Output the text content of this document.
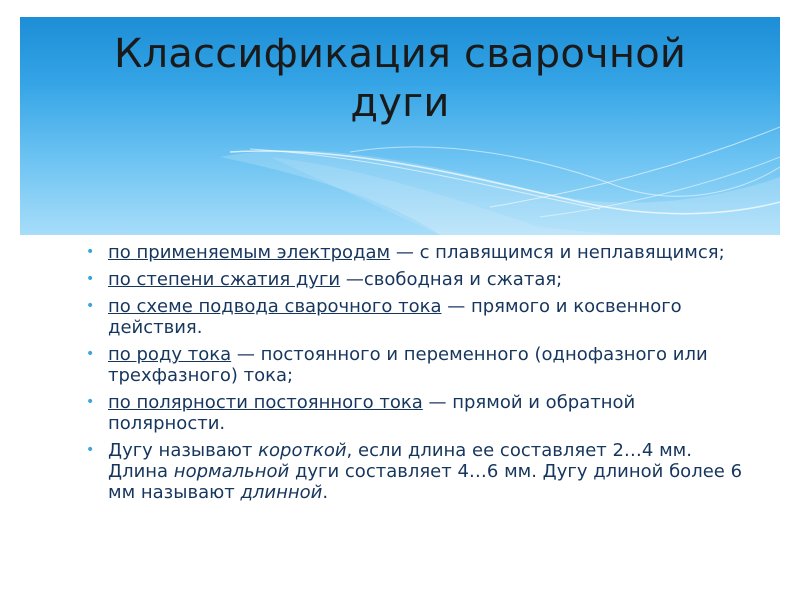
Классификация сварочной
дуги
• по применяемым электродам — с плавящимся и неплавящимся;
• по степени сжатия дуги —свободная и сжатая;
• по схеме подвода сварочного тока — прямого и косвенного действия.
• по роду тока — постоянного и переменного (однофазного или трехфазного) тока;
• по полярности постоянного тока — прямой и обратной полярности.
• Дугу называют короткой, если длина ее составляет 2…4 мм. Длина нормальной дуги составляет 4…6 мм. Дугу длиной более 6 мм называют длинной.
